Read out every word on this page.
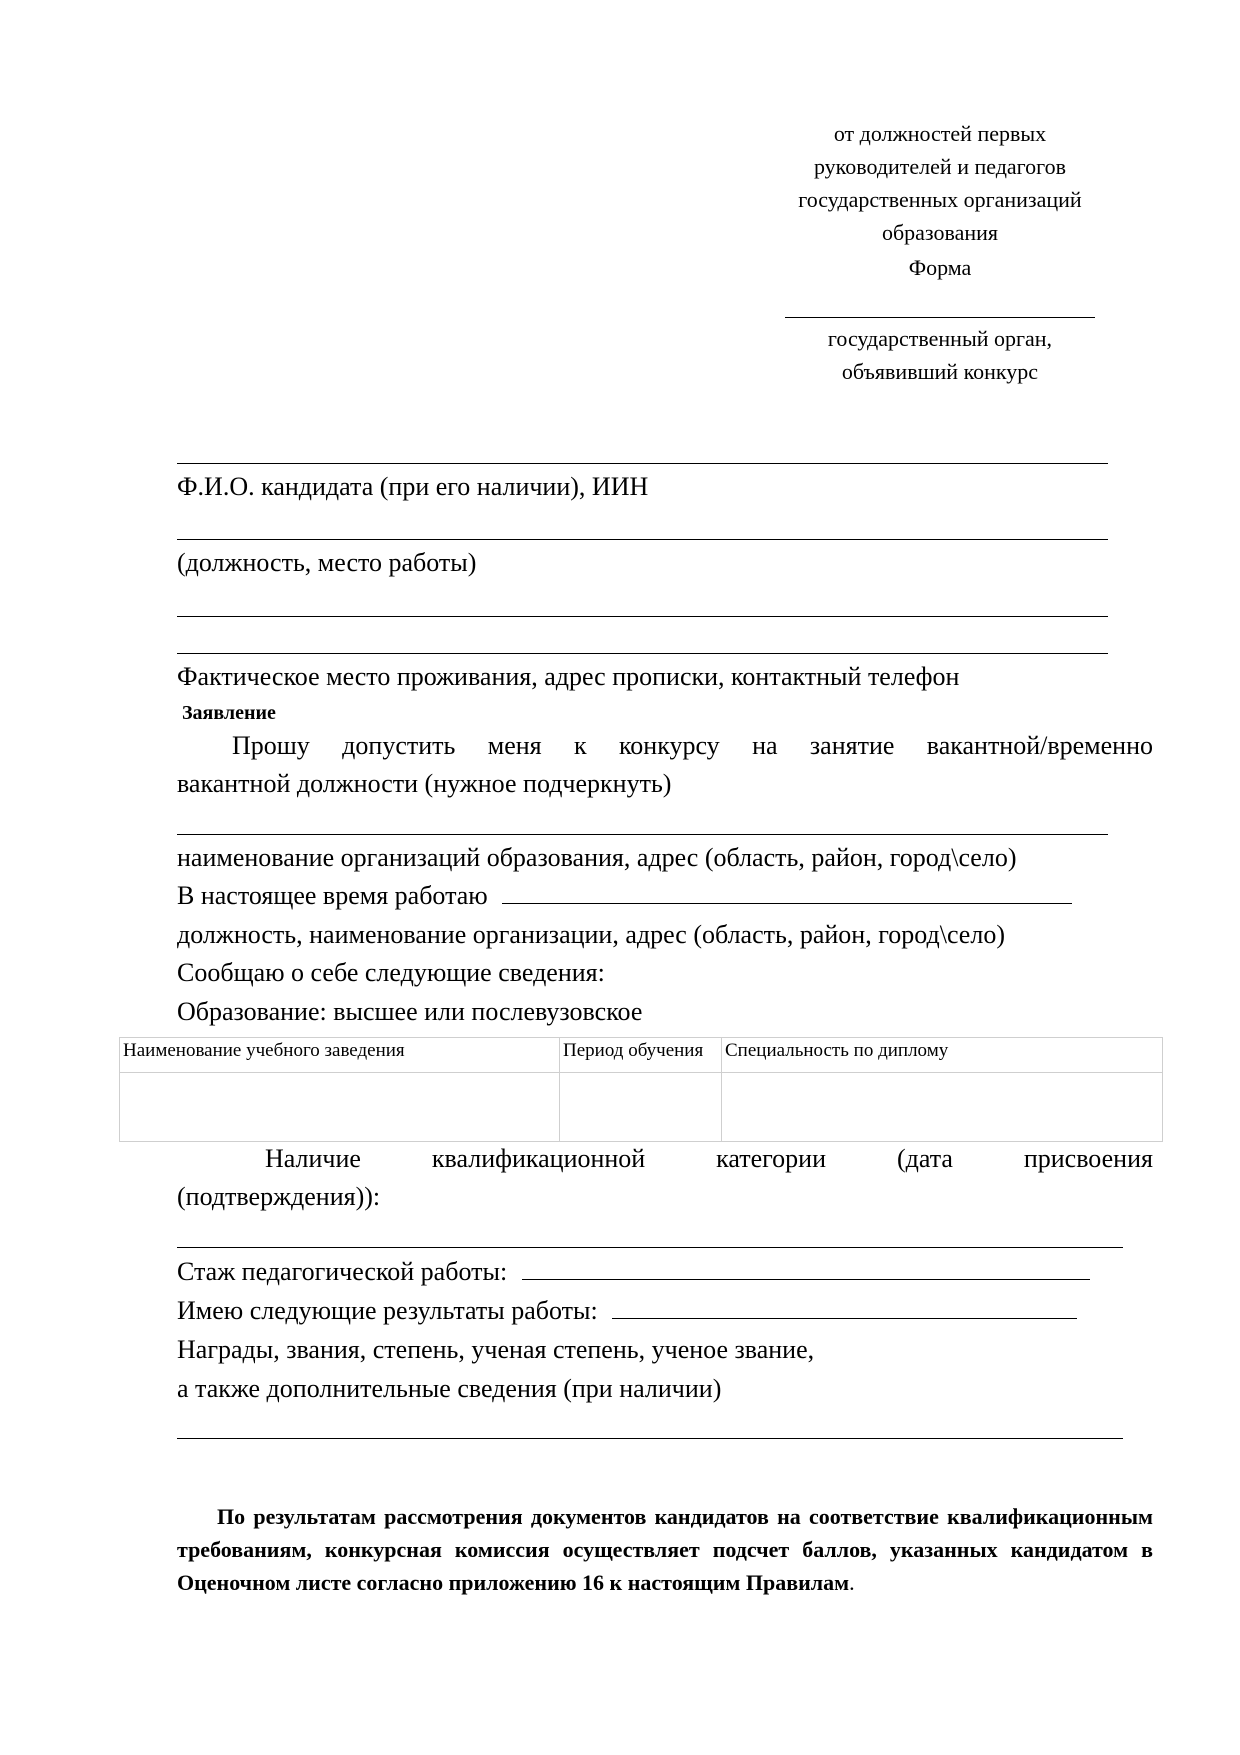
от должностей первых
руководителей и педагогов
государственных организаций
образования
Форма
государственный орган,
объявивший конкурс
Ф.И.О. кандидата (при его наличии), ИИН
(должность, место работы)
Фактическое место проживания, адрес прописки, контактный телефон
Заявление
Прошу допустить меня к конкурсу на занятие вакантной/временно
вакантной должности (нужное подчеркнуть)
наименование организаций образования, адрес (область, район, город\село)
В настоящее время работаю
должность, наименование организации, адрес (область, район, город\село)
Сообщаю о себе следующие сведения:
Образование: высшее или послевузовское
Наименование учебного заведения	Период обучения	Специальность по диплому

Наличие	квалификационной	категории	(дата	присвоения
(подтверждения)):
Стаж педагогической работы:
Имею следующие результаты работы:
Награды, звания, степень, ученая степень, ученое звание,
а также дополнительные сведения (при наличии)
По результатам рассмотрения документов кандидатов на соответствие квалификационным требованиям, конкурсная комиссия осуществляет подсчет баллов, указанных кандидатом в Оценочном листе согласно приложению 16 к настоящим Правилам.
